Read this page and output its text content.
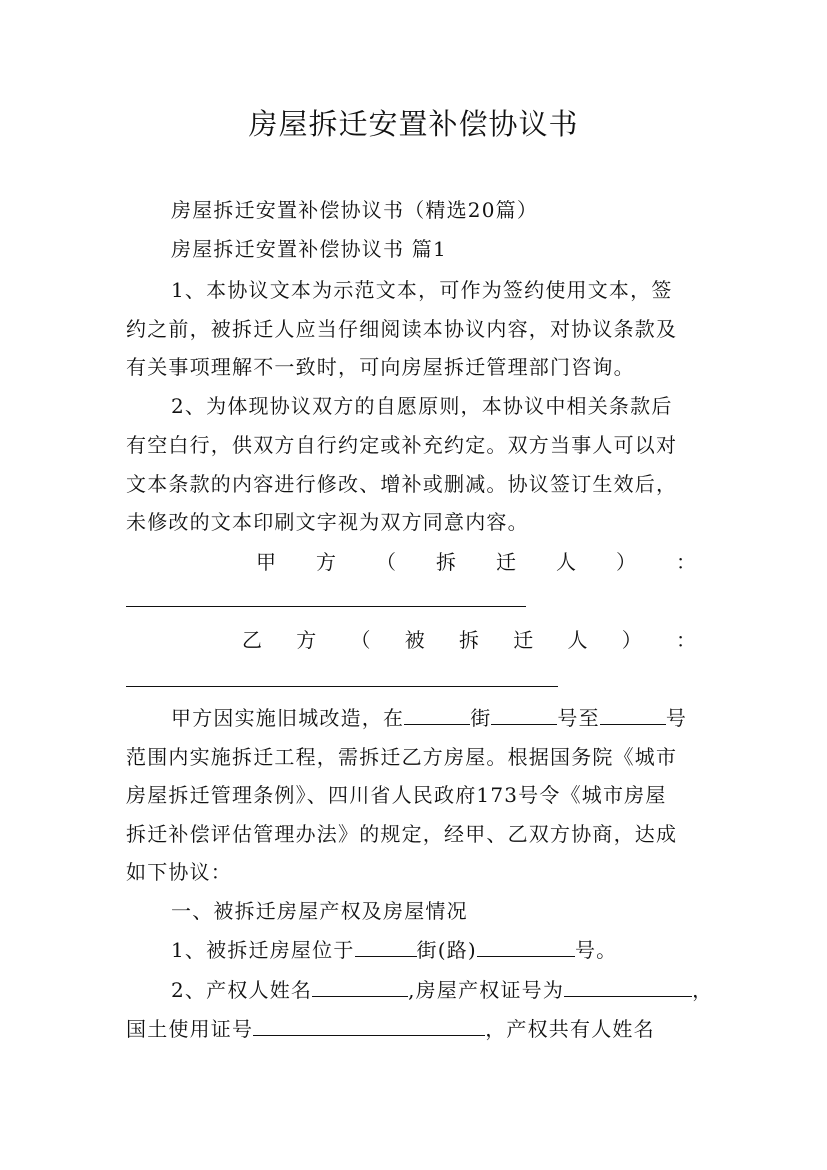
房屋拆迁安置补偿协议书
房屋拆迁安置补偿协议书（精选20篇）
房屋拆迁安置补偿协议书 篇1
1、本协议文本为示范文本，可作为签约使用文本，签
约之前，被拆迁人应当仔细阅读本协议内容，对协议条款及
有关事项理解不一致时，可向房屋拆迁管理部门咨询。
2、为体现协议双方的自愿原则，本协议中相关条款后
有空白行，供双方自行约定或补充约定。双方当事人可以对
文本条款的内容进行修改、增补或删减。协议签订生效后，
未修改的文本印刷文字视为双方同意内容。
甲 方 （ 拆 迁 人 ） ：
乙 方 （ 被 拆 迁 人 ） ：
甲方因实施旧城改造，在	街	号至	号
范围内实施拆迁工程，需拆迁乙方房屋。根据国务院《城市
房屋拆迁管理条例》、四川省人民政府173号令《城市房屋
拆迁补偿评估管理办法》的规定，经甲、乙双方协商，达成
如下协议：
一、被拆迁房屋产权及房屋情况
1、被拆迁房屋位于	街(路)	号。
2、产权人姓名	,房屋产权证号为	，
国土使用证号	，产权共有人姓名
